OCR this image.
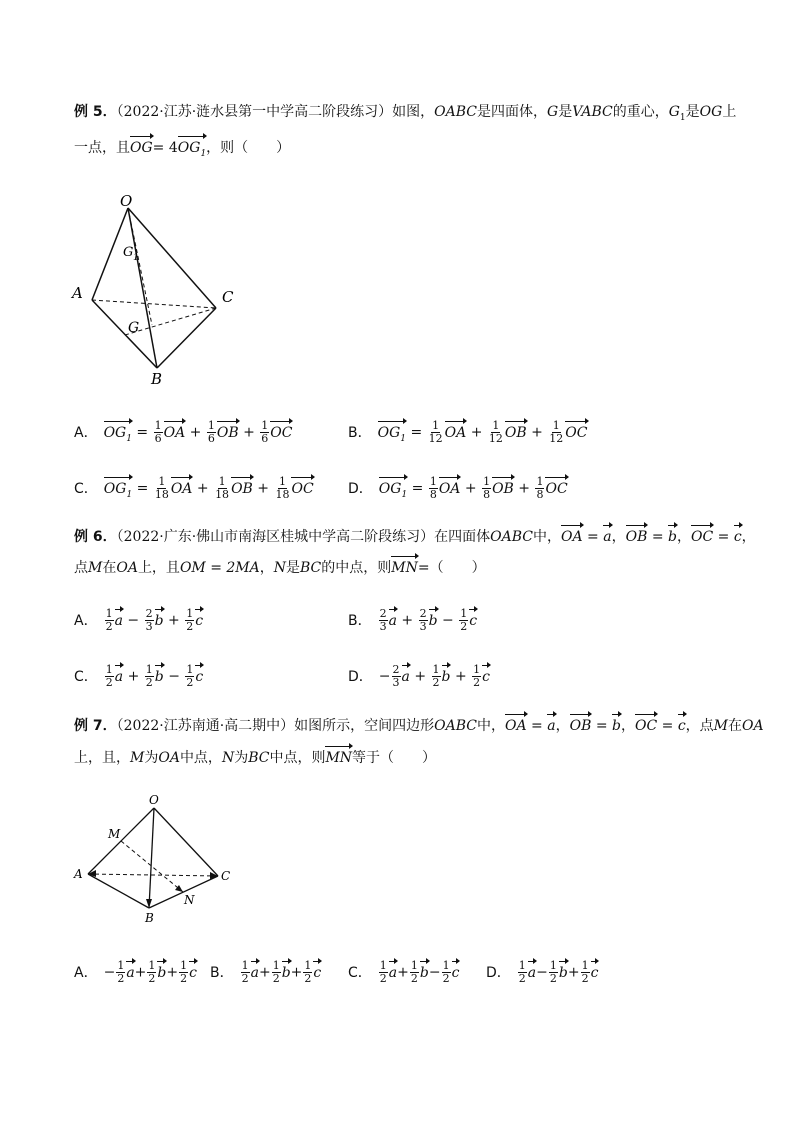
例 5．（2022·江苏·涟水县第一中学高二阶段练习）如图，OABC是四面体，G是VABC的重心，$G_1$是OG上
一点，且$OG= 4OG_1$，则（　　）
O
A	C
B
G
G 1
A． $OG_1 = \frac{1}{6}$ OA + $\frac{1}{6}$ OB + $\frac{1}{6}$ OC	B． $OG_1 = \frac{1}{12}$ OA + $\frac{1}{12}$ OB + $\frac{1}{12}$ OC
C． $OG_1 = \frac{1}{18}$ OA + $\frac{1}{18}$ OB + $\frac{1}{18}$ OC D． $OG_1 = \frac{1}{8}$ OA + $\frac{1}{8}$ OB + $\frac{1}{8}$ OC
例 6．（2022·广东·佛山市南海区桂城中学高二阶段练习）在四面体OABC中，OA = a，OB = b，OC = c，
点M在OA上，且OM = 2MA，N是BC的中点，则MN=（　　）
A． $\frac{1}{2}$ $a - \frac{2}{3}$ $b + \frac{1}{2}$ c	B． $\frac{2}{3}$ $a + \frac{2}{3}$ $b - \frac{1}{2}$ c
C． $\frac{1}{2}$ $a + \frac{1}{2}$ $b - \frac{1}{2}$ c	D． − $\frac{2}{3}$ $a + \frac{1}{2}$ $b + \frac{1}{2}$ c
例 7．（2022·江苏南通·高二期中）如图所示，空间四边形OABC中，OA = a，OB = b，OC = c，点M在OA
上，且，M为OA中点，N为BC中点，则MN等于（　　）
O
A	C
B
M
N
A． − $\frac{1}{2} a+ \frac{1}{2} b+ \frac{1}{2}$ c B． $\frac{1}{2} a+ \frac{1}{2} b+ \frac{1}{2}$ c C． $\frac{1}{2} a+ \frac{1}{2} b- \frac{1}{2}$ c D． $\frac{1}{2} a- \frac{1}{2} b+ \frac{1}{2}$ c
